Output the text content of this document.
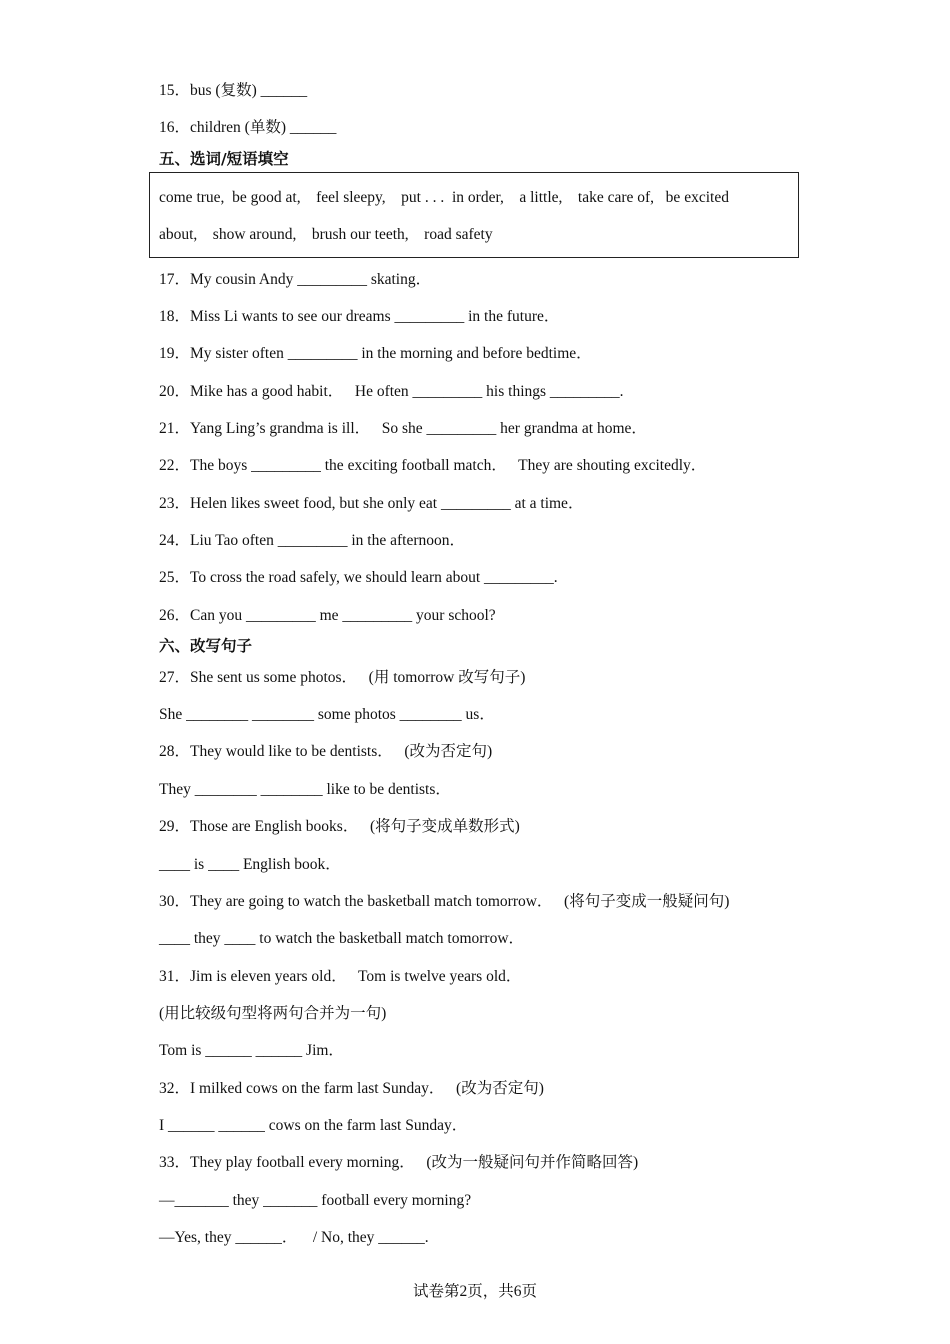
15．bus (复数) ______

16．children (单数) ______

五、选词/短语填空

come true,  be good at,    feel sleepy,    put . . .  in order,    a little,    take care of,   be excited
about,    show around,    brush our teeth,    road safety

17．My cousin Andy _________ skating．

18．Miss Li wants to see our dreams _________ in the future．

19．My sister often _________ in the morning and before bedtime．

20．Mike has a good habit．   He often _________ his things _________.

21．Yang Ling’s grandma is ill．   So she _________ her grandma at home．

22．The boys _________ the exciting football match．   They are shouting excitedly．

23．Helen likes sweet food, but she only eat _________ at a time．

24．Liu Tao often _________ in the afternoon．

25．To cross the road safely, we should learn about _________.

26．Can you _________ me _________ your school?

六、改写句子

27．She sent us some photos．   (用 tomorrow 改写句子)

She ________ ________ some photos ________ us．

28．They would like to be dentists．   (改为否定句)

They ________ ________ like to be dentists．

29．Those are English books．   (将句子变成单数形式)

____ is ____ English book．

30．They are going to watch the basketball match tomorrow．   (将句子变成一般疑问句)

____ they ____ to watch the basketball match tomorrow．

31．Jim is eleven years old．   Tom is twelve years old．

(用比较级句型将两句合并为一句)

Tom is ______ ______ Jim．

32．I milked cows on the farm last Sunday．   (改为否定句)

I ______ ______ cows on the farm last Sunday．

33．They play football every morning．   (改为一般疑问句并作简略回答)

—_______ they _______ football every morning?

—Yes, they ______．    / No, they ______.

试卷第2页，共6页
